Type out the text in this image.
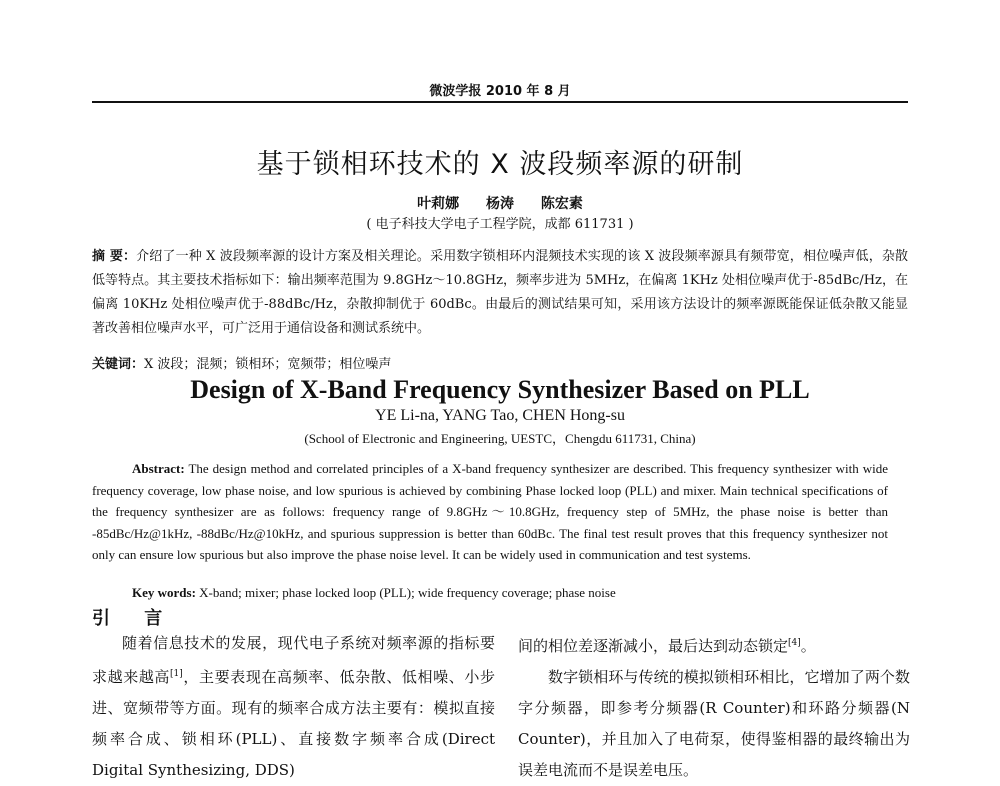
微波学报 2010 年 8 月
基于锁相环技术的 X 波段频率源的研制
叶莉娜 杨涛 陈宏素
( 电子科技大学电子工程学院，成都 611731 )
摘 要：介绍了一种 X 波段频率源的设计方案及相关理论。采用数字锁相环内混频技术实现的该 X 波段频率源具有频带宽，相位噪声低，杂散低等特点。其主要技术指标如下：输出频率范围为 9.8GHz～10.8GHz，频率步进为 5MHz，在偏离 1KHz 处相位噪声优于-85dBc/Hz，在偏离 10KHz 处相位噪声优于-88dBc/Hz，杂散抑制优于 60dBc。由最后的测试结果可知，采用该方法设计的频率源既能保证低杂散又能显著改善相位噪声水平，可广泛用于通信设备和测试系统中。
关键词：X 波段；混频；锁相环；宽频带；相位噪声
Design of X-Band Frequency Synthesizer Based on PLL
YE Li-na, YANG Tao, CHEN Hong-su
(School of Electronic and Engineering, UESTC，Chengdu 611731, China)
Abstract: The design method and correlated principles of a X-band frequency synthesizer are described. This frequency synthesizer with wide frequency coverage, low phase noise, and low spurious is achieved by combining Phase locked loop (PLL) and mixer. Main technical specifications of the frequency synthesizer are as follows: frequency range of 9.8GHz～10.8GHz, frequency step of 5MHz, the phase noise is better than -85dBc/Hz@1kHz, -88dBc/Hz@10kHz, and spurious suppression is better than 60dBc. The final test result proves that this frequency synthesizer not only can ensure low spurious but also improve the phase noise level. It can be widely used in communication and test systems.
Key words: X-band; mixer; phase locked loop (PLL); wide frequency coverage; phase noise
引 言
随着信息技术的发展，现代电子系统对频率源的指标要求越来越高[1]，主要表现在高频率、低杂散、低相噪、小步进、宽频带等方面。现有的频率合成方法主要有：模拟直接频率合成、锁相环(PLL)、直接数字频率合成(Direct Digital Synthesizing, DDS)
间的相位差逐渐减小，最后达到动态锁定[4]。
数字锁相环与传统的模拟锁相环相比，它增加了两个数字分频器，即参考分频器(R Counter)和环路分频器(N Counter)，并且加入了电荷泵，使得鉴相器的最终输出为误差电流而不是误差电压。
